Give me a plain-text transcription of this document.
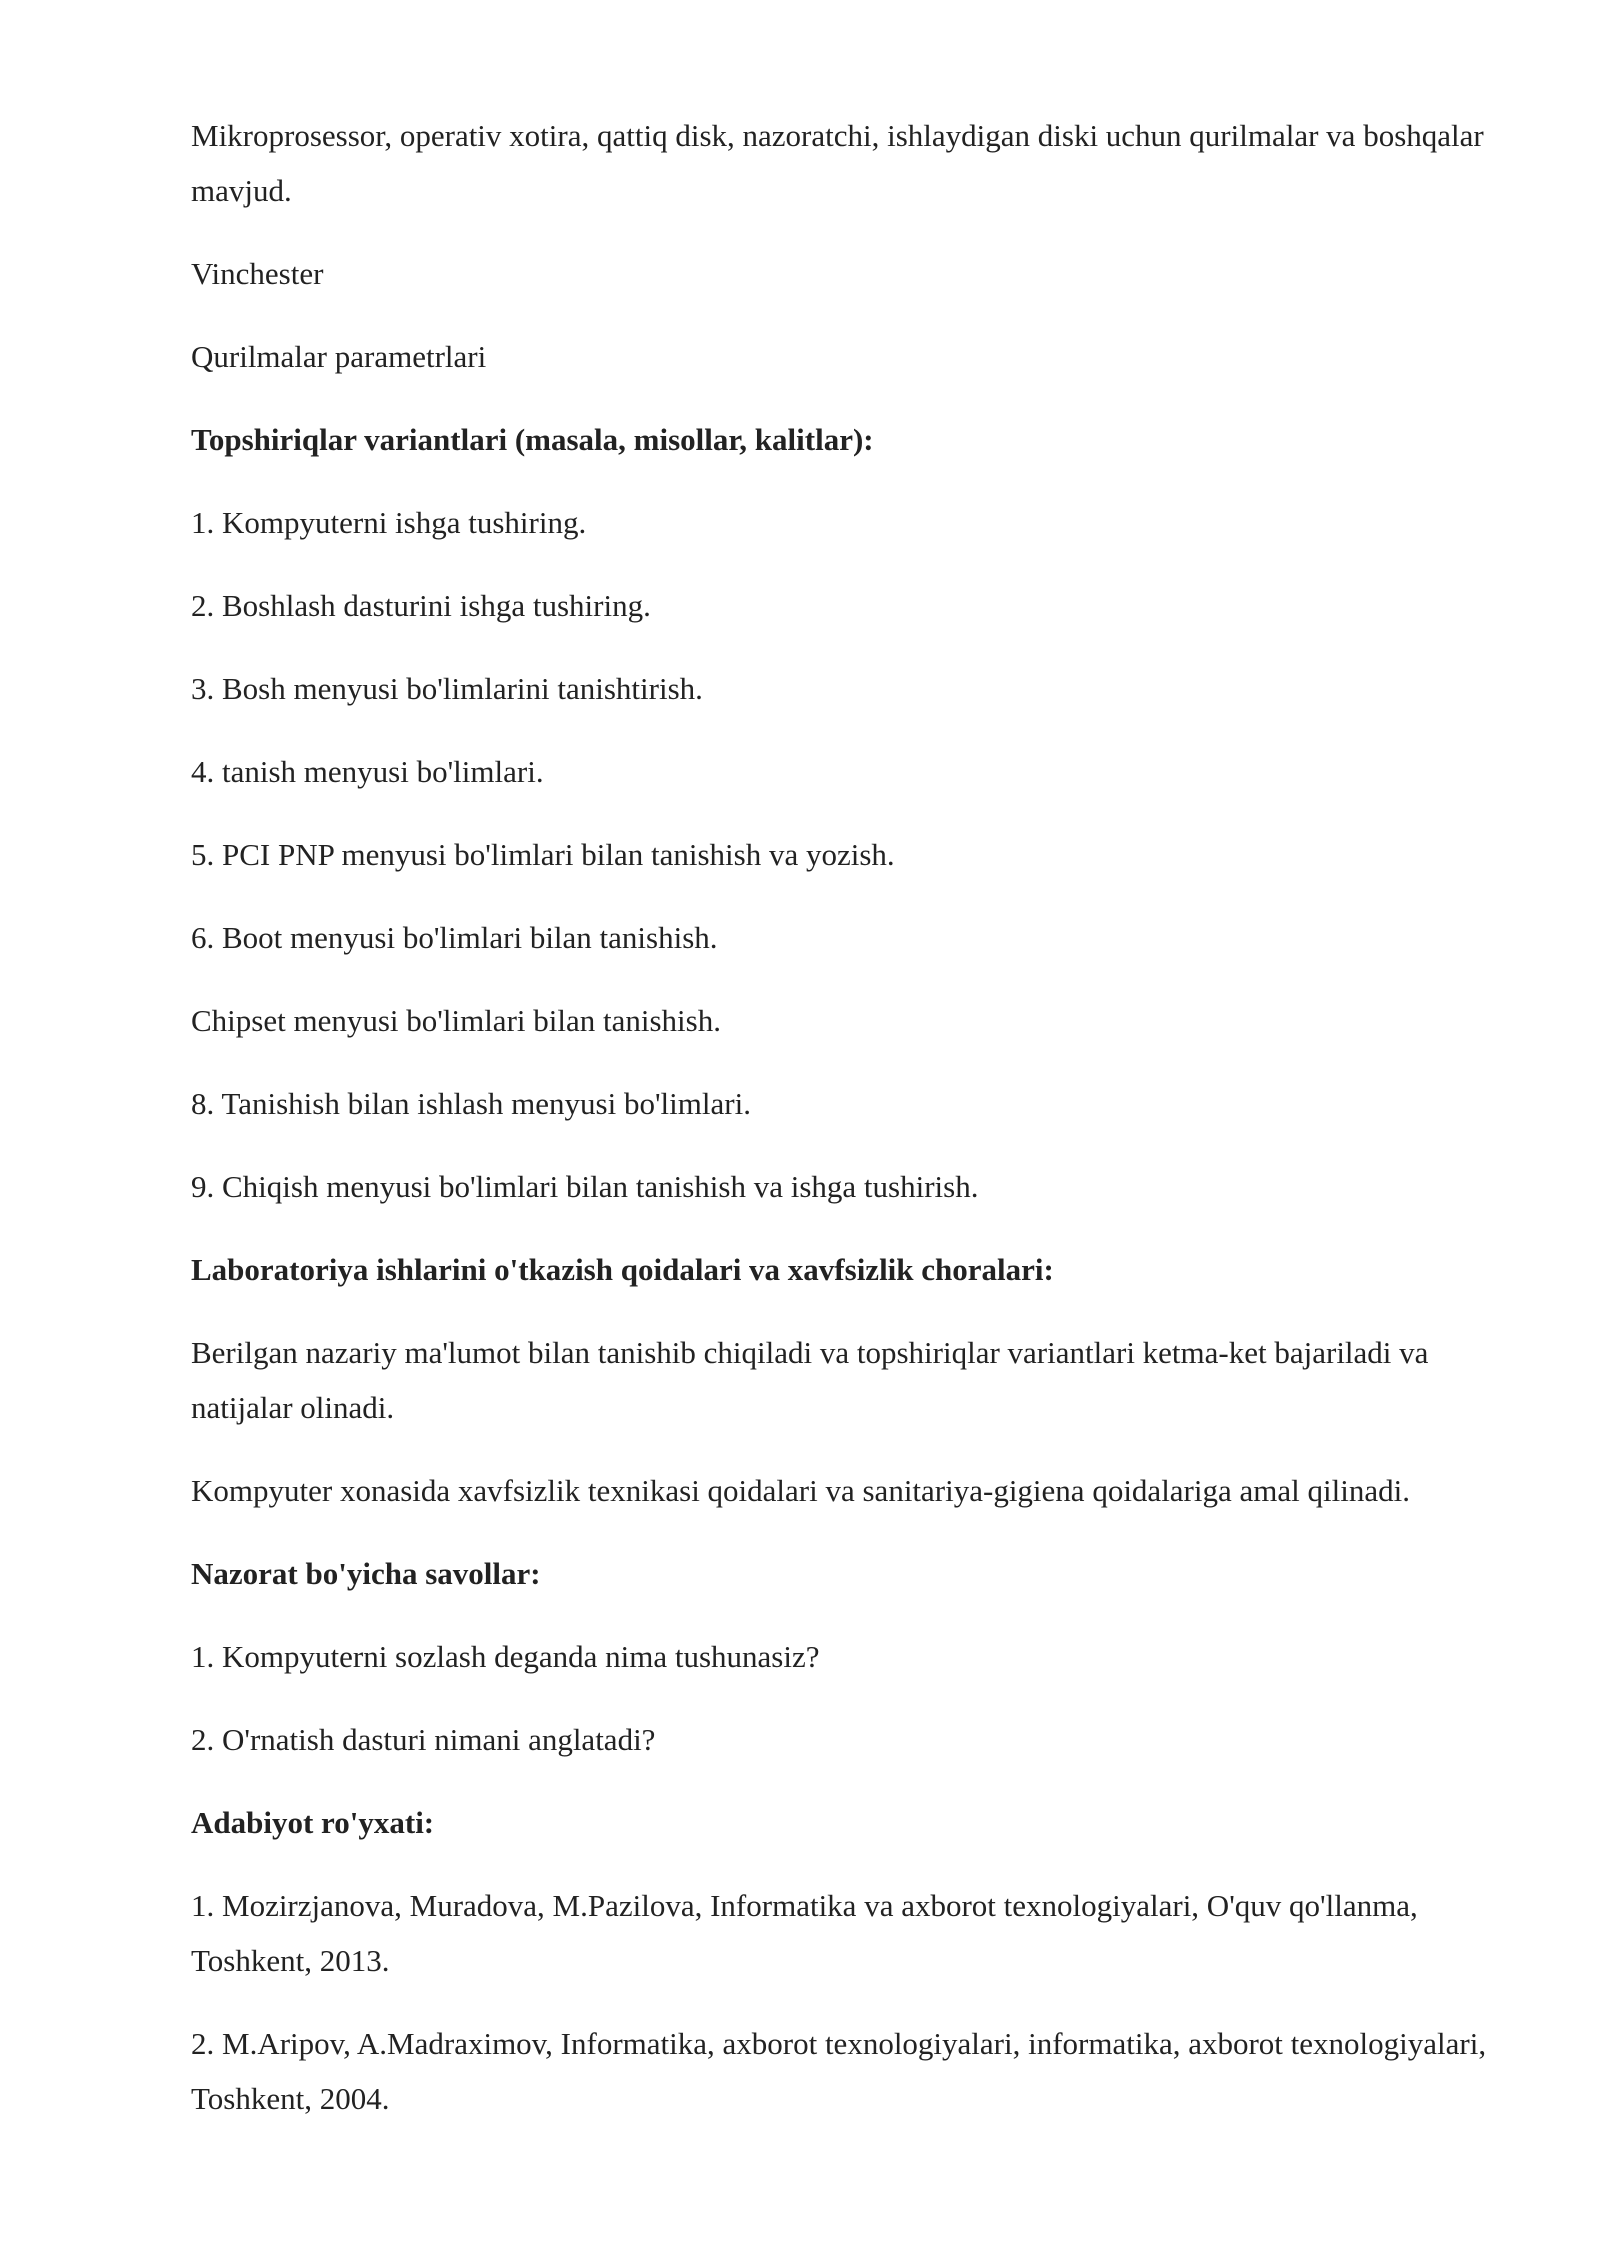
Mikroprosessor, operativ xotira, qattiq disk, nazoratchi, ishlaydigan diski uchun qurilmalar va boshqalar mavjud.

Vinchester

Qurilmalar parametrlari

Topshiriqlar variantlari (masala, misollar, kalitlar):

1. Kompyuterni ishga tushiring.

2. Boshlash dasturini ishga tushiring.

3. Bosh menyusi bo'limlarini tanishtirish.

4. tanish menyusi bo'limlari.

5. PCI PNP menyusi bo'limlari bilan tanishish va yozish.

6. Boot menyusi bo'limlari bilan tanishish.

Chipset menyusi bo'limlari bilan tanishish.

8. Tanishish bilan ishlash menyusi bo'limlari.

9. Chiqish menyusi bo'limlari bilan tanishish va ishga tushirish.

Laboratoriya ishlarini o'tkazish qoidalari va xavfsizlik choralari:

Berilgan nazariy ma'lumot bilan tanishib chiqiladi va topshiriqlar variantlari ketma-ket bajariladi va natijalar olinadi.

Kompyuter xonasida xavfsizlik texnikasi qoidalari va sanitariya-gigiena qoidalariga amal qilinadi.

Nazorat bo'yicha savollar:

1. Kompyuterni sozlash deganda nima tushunasiz?

2. O'rnatish dasturi nimani anglatadi?

Adabiyot ro'yxati:

1. Mozirzjanova, Muradova, M.Pazilova, Informatika va axborot texnologiyalari, O'quv qo'llanma, Toshkent, 2013.

2. M.Aripov, A.Madraximov, Informatika, axborot texnologiyalari, informatika, axborot texnologiyalari, Toshkent, 2004.
